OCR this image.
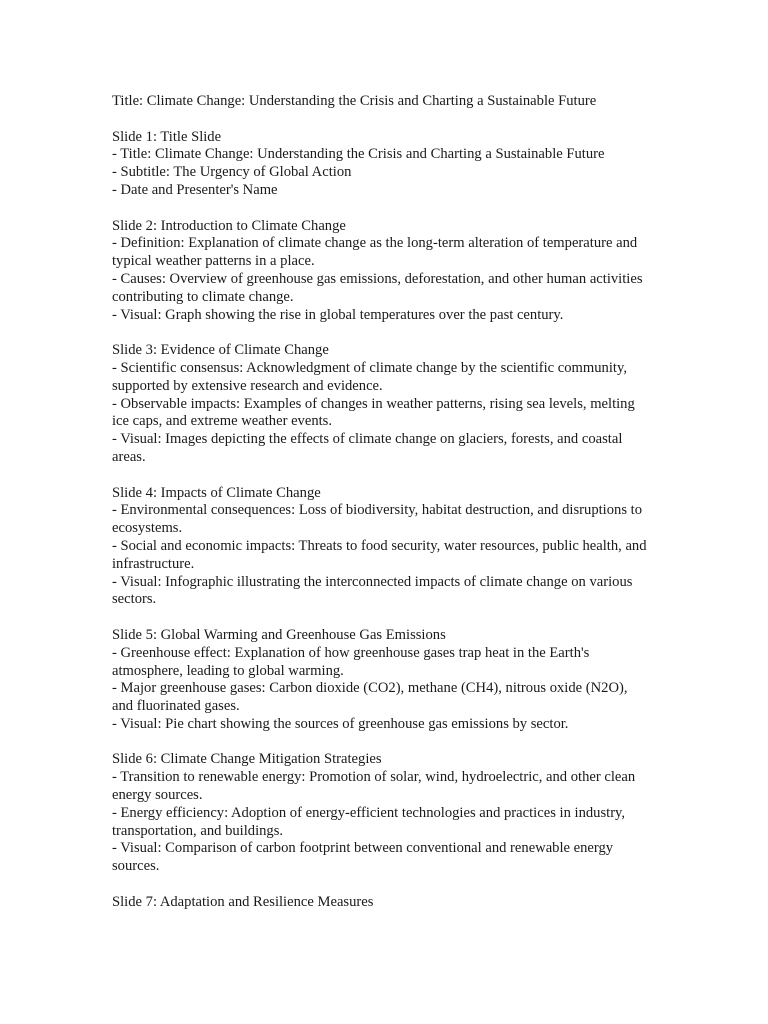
Title: Climate Change: Understanding the Crisis and Charting a Sustainable Future
Slide 1: Title Slide
- Title: Climate Change: Understanding the Crisis and Charting a Sustainable Future
- Subtitle: The Urgency of Global Action
- Date and Presenter's Name
Slide 2: Introduction to Climate Change
- Definition: Explanation of climate change as the long-term alteration of temperature and typical weather patterns in a place.
- Causes: Overview of greenhouse gas emissions, deforestation, and other human activities contributing to climate change.
- Visual: Graph showing the rise in global temperatures over the past century.
Slide 3: Evidence of Climate Change
- Scientific consensus: Acknowledgment of climate change by the scientific community, supported by extensive research and evidence.
- Observable impacts: Examples of changes in weather patterns, rising sea levels, melting ice caps, and extreme weather events.
- Visual: Images depicting the effects of climate change on glaciers, forests, and coastal areas.
Slide 4: Impacts of Climate Change
- Environmental consequences: Loss of biodiversity, habitat destruction, and disruptions to ecosystems.
- Social and economic impacts: Threats to food security, water resources, public health, and infrastructure.
- Visual: Infographic illustrating the interconnected impacts of climate change on various sectors.
Slide 5: Global Warming and Greenhouse Gas Emissions
- Greenhouse effect: Explanation of how greenhouse gases trap heat in the Earth's atmosphere, leading to global warming.
- Major greenhouse gases: Carbon dioxide (CO2), methane (CH4), nitrous oxide (N2O), and fluorinated gases.
- Visual: Pie chart showing the sources of greenhouse gas emissions by sector.
Slide 6: Climate Change Mitigation Strategies
- Transition to renewable energy: Promotion of solar, wind, hydroelectric, and other clean energy sources.
- Energy efficiency: Adoption of energy-efficient technologies and practices in industry, transportation, and buildings.
- Visual: Comparison of carbon footprint between conventional and renewable energy sources.
Slide 7: Adaptation and Resilience Measures
